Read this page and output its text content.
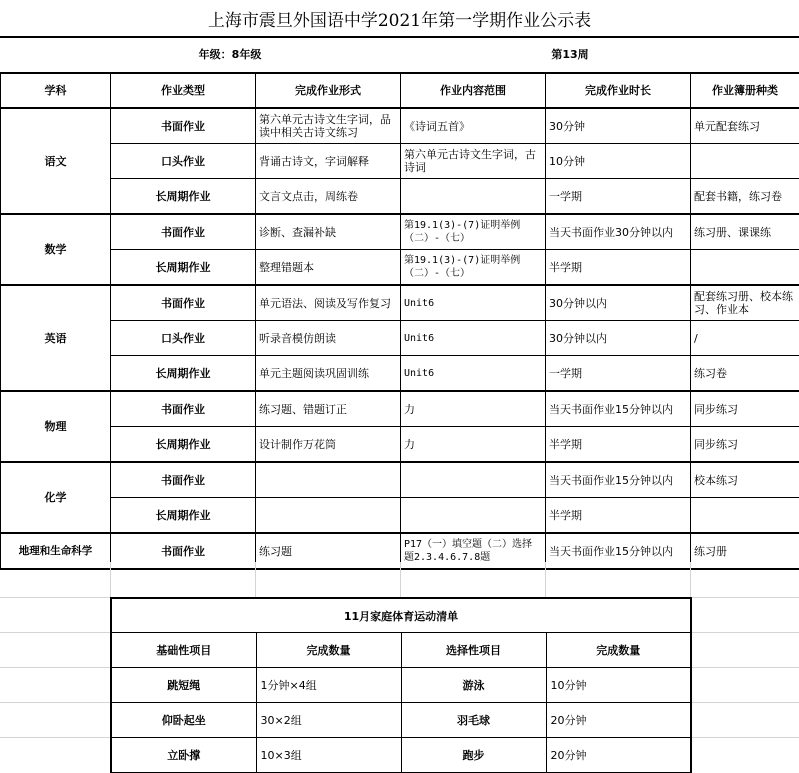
上海市震旦外国语中学2021年第一学期作业公示表
年级：8年级	第13周
学科	作业类型	完成作业形式	作业内容范围	完成作业时长	作业簿册种类
语文	书面作业	第六单元古诗文生字词，品读中相关古诗文练习	《诗词五首》	30分钟	单元配套练习
	口头作业	背诵古诗文，字词解释	第六单元古诗文生字词，古诗词	10分钟	
	长周期作业	文言文点击，周练卷		一学期	配套书籍，练习卷
数学	书面作业	诊断、查漏补缺	第19.1(3)-(7)证明举例（二）-（七）	当天书面作业30分钟以内	练习册、课课练
	长周期作业	整理错题本	第19.1(3)-(7)证明举例（二）-（七）	半学期	
英语	书面作业	单元语法、阅读及写作复习	Unit6	30分钟以内	配套练习册、校本练习、作业本
	口头作业	听录音模仿朗读	Unit6	30分钟以内	/
	长周期作业	单元主题阅读巩固训练	Unit6	一学期	练习卷
物理	书面作业	练习题、错题订正	力	当天书面作业15分钟以内	同步练习
	长周期作业	设计制作万花筒	力	半学期	同步练习
化学	书面作业			当天书面作业15分钟以内	校本练习
	长周期作业			半学期	
地理和生命科学	书面作业	练习题	P17（一）填空题（二）选择题2.3.4.6.7.8题	当天书面作业15分钟以内	练习册
11月家庭体育运动清单			
基础性项目	完成数量	选择性项目	完成数量
跳短绳	1分钟×4组	游泳	10分钟
仰卧起坐	30×2组	羽毛球	20分钟
立卧撑	10×3组	跑步	20分钟
